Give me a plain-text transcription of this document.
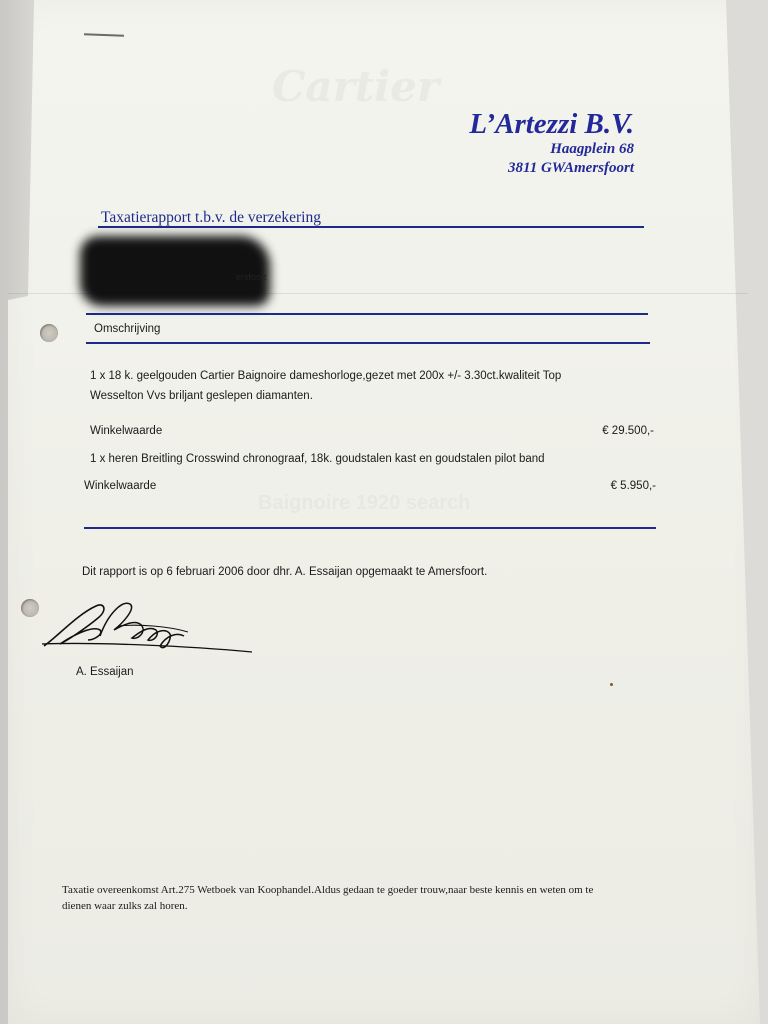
Cartier
Baignoire 1920 search
L’Artezzi B.V.
Haagplein 68
3811 GWAmersfoort
Taxatierapport t.b.v. de verzekering
ersfoort
Omschrijving
1 x 18 k. geelgouden Cartier Baignoire dameshorloge,gezet met 200x +/- 3.30ct.kwaliteit Top
Wesselton Vvs briljant geslepen diamanten.
Winkelwaarde	€ 29.500,-
1 x heren Breitling Crosswind chronograaf, 18k. goudstalen kast en goudstalen pilot band
Winkelwaarde	€ 5.950,-
Dit rapport is op 6 februari 2006 door dhr. A. Essaijan opgemaakt te Amersfoort.
A. Essaijan
Taxatie overeenkomst Art.275 Wetboek van Koophandel.Aldus gedaan te goeder trouw,naar beste kennis en weten om te
dienen waar zulks zal horen.
